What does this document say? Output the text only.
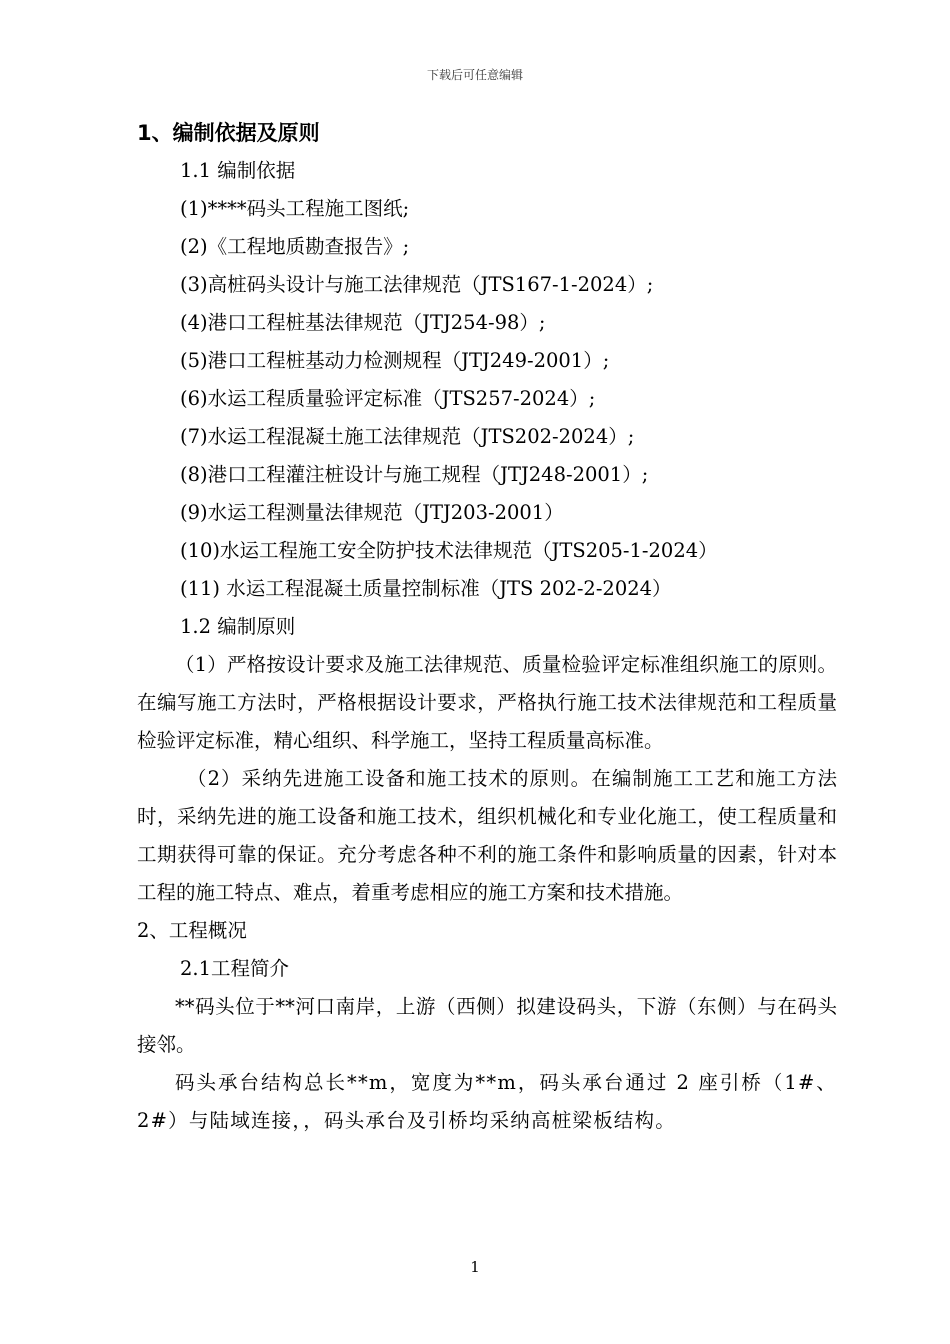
下载后可任意编辑
1、编制依据及原则
1.1 编制依据
(1)****码头工程施工图纸;
(2)《工程地质勘查报告》;
(3)高桩码头设计与施工法律规范（JTS167-1-2024）;
(4)港口工程桩基法律规范（JTJ254-98）;
(5)港口工程桩基动力检测规程（JTJ249-2001）;
(6)水运工程质量验评定标准（JTS257-2024）;
(7)水运工程混凝土施工法律规范（JTS202-2024）;
(8)港口工程灌注桩设计与施工规程（JTJ248-2001）;
(9)水运工程测量法律规范（JTJ203-2001）
(10)水运工程施工安全防护技术法律规范（JTS205-1-2024）
(11) 水运工程混凝土质量控制标准（JTS 202-2-2024）
1.2 编制原则
（1）严格按设计要求及施工法律规范、质量检验评定标准组织施工的原则。在编写施工方法时，严格根据设计要求，严格执行施工技术法律规范和工程质量检验评定标准，精心组织、科学施工，坚持工程质量高标准。
（2）采纳先进施工设备和施工技术的原则。在编制施工工艺和施工方法时，采纳先进的施工设备和施工技术，组织机械化和专业化施工，使工程质量和工期获得可靠的保证。充分考虑各种不利的施工条件和影响质量的因素，针对本工程的施工特点、难点，着重考虑相应的施工方案和技术措施。
2、工程概况
2.1工程简介
**码头位于**河口南岸，上游（西侧）拟建设码头，下游（东侧）与在码头接邻。
码头承台结构总长**m，宽度为**m，码头承台通过 2 座引桥（1#、2#）与陆域连接，，码头承台及引桥均采纳高桩梁板结构。
1
